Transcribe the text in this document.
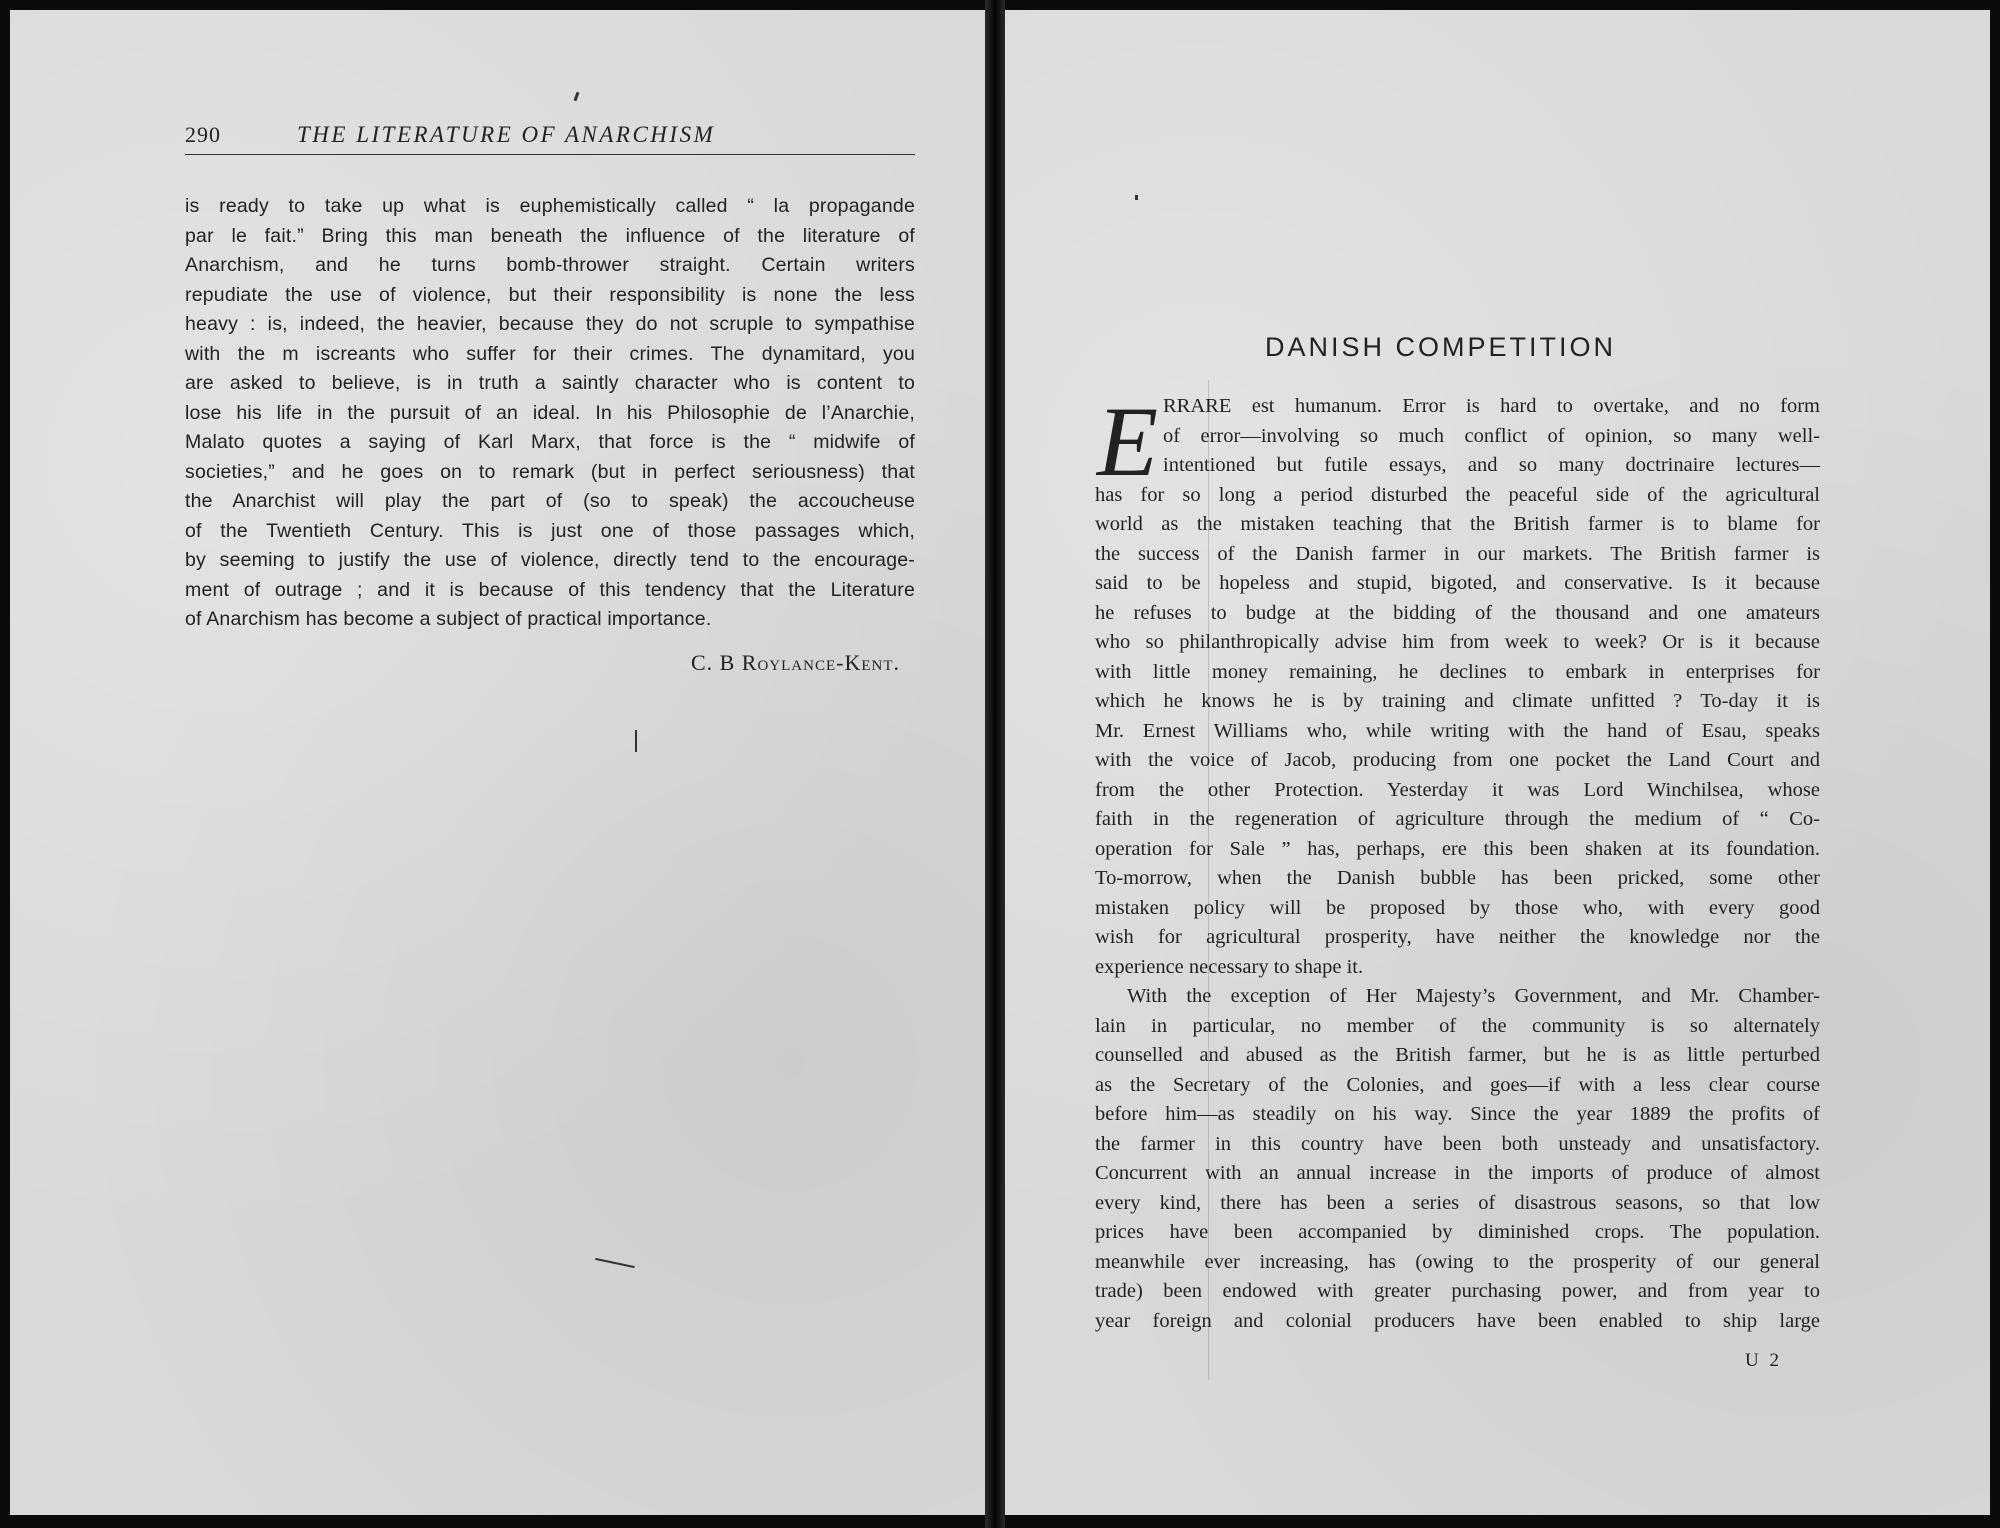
290	THE LITERATURE OF ANARCHISM
is ready to take up what is euphemistically called “ la propagande
par le fait.” Bring this man beneath the influence of the literature of
Anarchism, and he turns bomb-thrower straight. Certain writers
repudiate the use of violence, but their responsibility is none the less
heavy : is, indeed, the heavier, because they do not scruple to sympathise
with the m iscreants who suffer for their crimes. The dynamitard, you
are asked to believe, is in truth a saintly character who is content to
lose his life in the pursuit of an ideal. In his Philosophie de l’Anarchie,
Malato quotes a saying of Karl Marx, that force is the “ midwife of
societies,” and he goes on to remark (but in perfect seriousness) that
the Anarchist will play the part of (so to speak) the accoucheuse
of the Twentieth Century. This is just one of those passages which,
by seeming to justify the use of violence, directly tend to the encourage-
ment of outrage ; and it is because of this tendency that the Literature
of Anarchism has become a subject of practical importance.
C. B Roylance-Kent.
DANISH COMPETITION
E RRARE est humanum. Error is hard to overtake, and no form
of error—involving so much conflict of opinion, so many well-
intentioned but futile essays, and so many doctrinaire lectures—
has for so long a period disturbed the peaceful side of the agricultural
world as the mistaken teaching that the British farmer is to blame for
the success of the Danish farmer in our markets. The British farmer is
said to be hopeless and stupid, bigoted, and conservative. Is it because
he refuses to budge at the bidding of the thousand and one amateurs
who so philanthropically advise him from week to week? Or is it because
with little money remaining, he declines to embark in enterprises for
which he knows he is by training and climate unfitted ? To-day it is
Mr. Ernest Williams who, while writing with the hand of Esau, speaks
with the voice of Jacob, producing from one pocket the Land Court and
from the other Protection. Yesterday it was Lord Winchilsea, whose
faith in the regeneration of agriculture through the medium of “ Co-
operation for Sale ” has, perhaps, ere this been shaken at its foundation.
To-morrow, when the Danish bubble has been pricked, some other
mistaken policy will be proposed by those who, with every good
wish for agricultural prosperity, have neither the knowledge nor the
experience necessary to shape it.
With the exception of Her Majesty’s Government, and Mr. Chamber-
lain in particular, no member of the community is so alternately
counselled and abused as the British farmer, but he is as little perturbed
as the Secretary of the Colonies, and goes—if with a less clear course
before him—as steadily on his way. Since the year 1889 the profits of
the farmer in this country have been both unsteady and unsatisfactory.
Concurrent with an annual increase in the imports of produce of almost
every kind, there has been a series of disastrous seasons, so that low
prices have been accompanied by diminished crops. The population.
meanwhile ever increasing, has (owing to the prosperity of our general
trade) been endowed with greater purchasing power, and from year to
year foreign and colonial producers have been enabled to ship large
U 2
